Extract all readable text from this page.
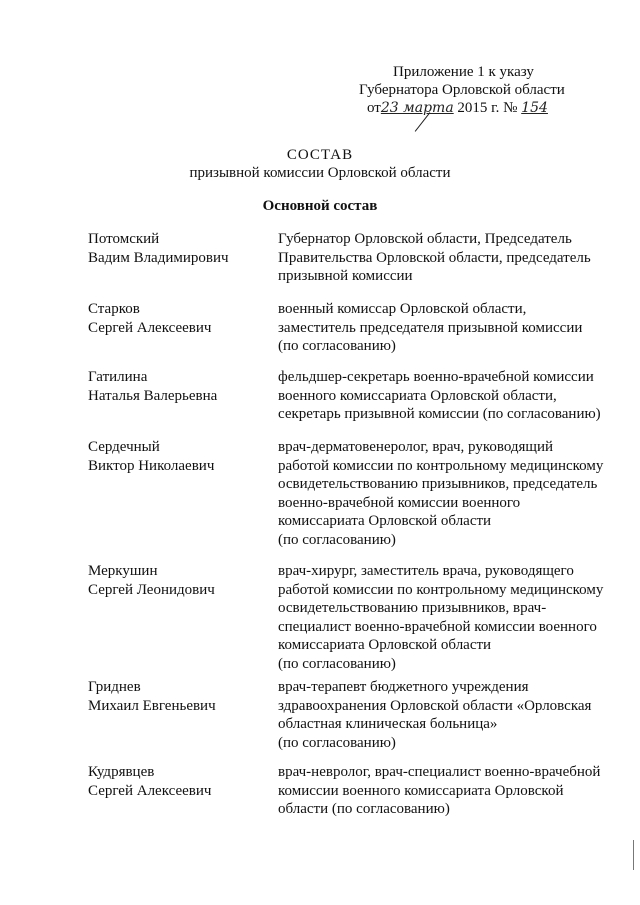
Приложение 1 к указу
Губернатора Орловской области
от23 марта 2015 г. № 154
СОСТАВ
призывной комиссии Орловской области
Основной состав
Потомский
Вадим Владимирович
Губернатор Орловской области, Председатель
Правительства Орловской области, председатель
призывной комиссии
Старков
Сергей Алексеевич
военный комиссар Орловской области,
заместитель председателя призывной комиссии
(по согласованию)
Гатилина
Наталья Валерьевна
фельдшер-секретарь военно-врачебной комиссии
военного комиссариата Орловской области,
секретарь призывной комиссии (по согласованию)
Сердечный
Виктор Николаевич
врач-дерматовенеролог, врач, руководящий
работой комиссии по контрольному медицинскому
освидетельствованию призывников, председатель
военно-врачебной комиссии военного
комиссариата Орловской области
(по согласованию)
Меркушин
Сергей Леонидович
врач-хирург, заместитель врача, руководящего
работой комиссии по контрольному медицинскому
освидетельствованию призывников, врач-
специалист военно-врачебной комиссии военного
комиссариата Орловской области
(по согласованию)
Гриднев
Михаил Евгеньевич
врач-терапевт бюджетного учреждения
здравоохранения Орловской области «Орловская
областная клиническая больница»
(по согласованию)
Кудрявцев
Сергей Алексеевич
врач-невролог, врач-специалист военно-врачебной
комиссии военного комиссариата Орловской
области (по согласованию)
